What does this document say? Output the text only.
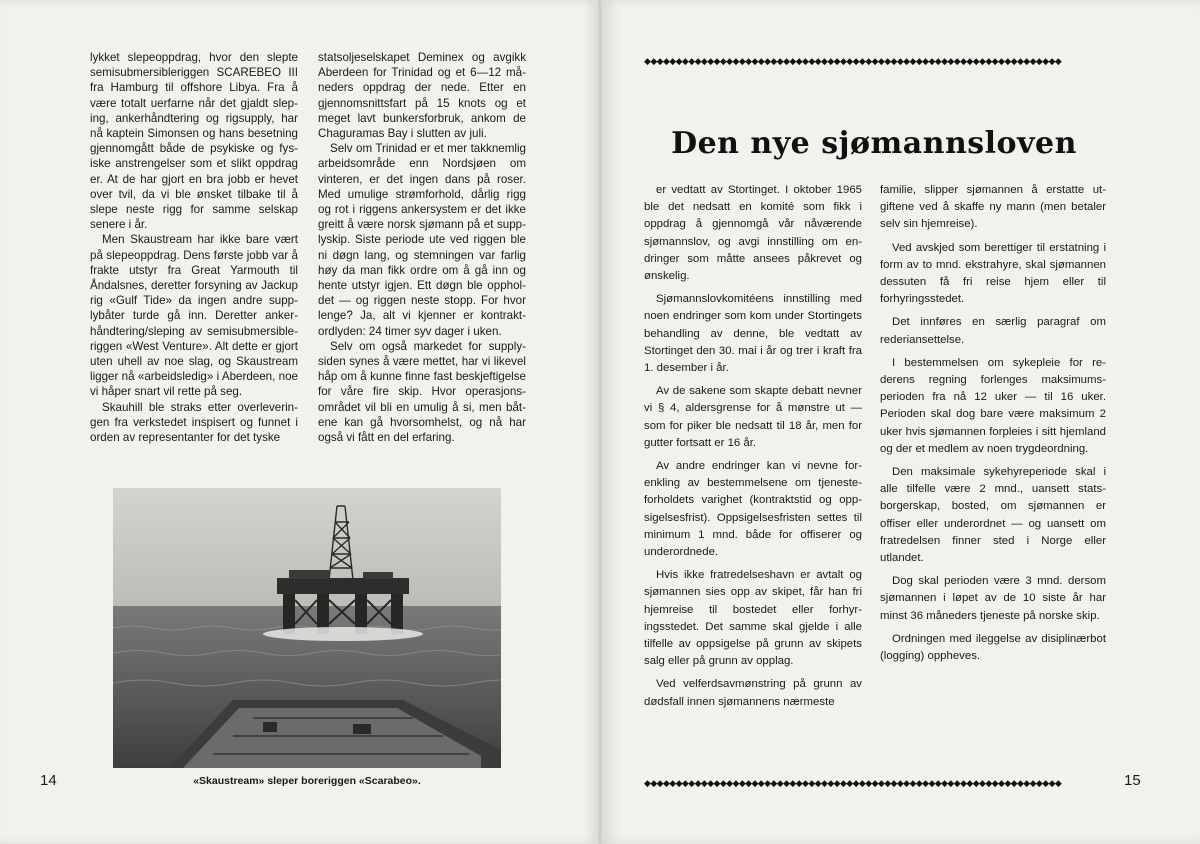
lykket slepeoppdrag, hvor den slepte semisubmersibleriggen SCAREBEO III fra Hamburg til offshore Libya. Fra å være totalt uerfarne når det gjaldt sleping, ankerhåndtering og rigsupply, har nå kaptein Simonsen og hans besetning gjennomgått både de psykiske og fysiske anstrengelser som et slikt oppdrag er. At de har gjort en bra jobb er hevet over tvil, da vi ble ønsket tilbake til å slepe neste rigg for samme selskap senere i år.

Men Skaustream har ikke bare vært på slepeoppdrag. Dens første jobb var å frakte utstyr fra Great Yarmouth til Åndalsnes, deretter forsyning av Jackup rig «Gulf Tide» da ingen andre supplybåter turde gå inn. Deretter ankerhåndtering/sleping av semisubmersibleriggen «West Venture». Alt dette er gjort uten uhell av noe slag, og Skaustream ligger nå «arbeidsledig» i Aberdeen, noe vi håper snart vil rette på seg.

Skauhill ble straks etter overleveringen fra verkstedet inspisert og funnet i orden av representanter for det tyske

statsoljeselskapet Deminex og avgikk Aberdeen for Trinidad og et 6—12 måneders oppdrag der nede. Etter en gjennomsnittsfart på 15 knots og et meget lavt bunkersforbruk, ankom de Chaguramas Bay i slutten av juli.

Selv om Trinidad er et mer takknemlig arbeidsområde enn Nordsjøen om vinteren, er det ingen dans på roser. Med umulige strømforhold, dårlig rigg og rot i riggens ankersystem er det ikke greitt å være norsk sjømann på et supplyskip. Siste periode ute ved riggen ble ni døgn lang, og stemningen var farlig høy da man fikk ordre om å gå inn og hente utstyr igjen. Ett døgn ble oppholdet — og riggen neste stopp. For hvor lenge? Ja, alt vi kjenner er kontraktordlyden: 24 timer syv dager i uken.

Selv om også markedet for supplysiden synes å være mettet, har vi likevel håp om å kunne finne fast beskjeftigelse for våre fire skip. Hvor operasjonsområdet vil bli en umulig å si, men båtene kan gå hvorsomhelst, og nå har også vi fått en del erfaring.

«Skaustream» sleper boreriggen «Scarabeo».
14
◆◆◆◆◆◆◆◆◆◆◆◆◆◆◆◆◆◆◆◆◆◆◆◆◆◆◆◆◆◆◆◆◆◆◆◆◆◆◆◆◆◆◆◆◆◆◆◆◆◆◆◆◆◆◆◆◆◆◆◆◆◆◆◆◆◆
Den nye sjømannsloven

er vedtatt av Stortinget. I oktober 1965 ble det nedsatt en komité som fikk i oppdrag å gjennomgå vår nåværende sjømannslov, og avgi innstilling om endringer som måtte ansees påkrevet og ønskelig.

Sjømannslovkomitéens innstilling med noen endringer som kom under Stortingets behandling av denne, ble vedtatt av Stortinget den 30. mai i år og trer i kraft fra 1. desember i år.

Av de sakene som skapte debatt nevner vi § 4, aldersgrense for å mønstre ut — som for piker ble nedsatt til 18 år, men for gutter fortsatt er 16 år.

Av andre endringer kan vi nevne forenkling av bestemmelsene om tjenesteforholdets varighet (kontraktstid og oppsigelsesfrist). Oppsigelsesfristen settes til minimum 1 mnd. både for offiserer og underordnede.

Hvis ikke fratredelseshavn er avtalt og sjømannen sies opp av skipet, får han fri hjemreise til bostedet eller forhyringsstedet. Det samme skal gjelde i alle tilfelle av oppsigelse på grunn av skipets salg eller på grunn av opplag.

Ved velferdsavmønstring på grunn av dødsfall innen sjømannens nærmeste

familie, slipper sjømannen å erstatte utgiftene ved å skaffe ny mann (men betaler selv sin hjemreise).

Ved avskjed som berettiger til erstatning i form av to mnd. ekstrahyre, skal sjømannen dessuten få fri reise hjem eller til forhyringsstedet.

Det innføres en særlig paragraf om rederiansettelse.

I bestemmelsen om sykepleie for rederens regning forlenges maksimumsperioden fra nå 12 uker — til 16 uker. Perioden skal dog bare være maksimum 2 uker hvis sjømannen forpleies i sitt hjemland og der et medlem av noen trygdeordning.

Den maksimale sykehyreperiode skal i alle tilfelle være 2 mnd., uansett statsborgerskap, bosted, om sjømannen er offiser eller underordnet — og uansett om fratredelsen finner sted i Norge eller utlandet.

Dog skal perioden være 3 mnd. dersom sjømannen i løpet av de 10 siste år har minst 36 måneders tjeneste på norske skip.

Ordningen med ileggelse av disiplinærbot (logging) oppheves.

◆◆◆◆◆◆◆◆◆◆◆◆◆◆◆◆◆◆◆◆◆◆◆◆◆◆◆◆◆◆◆◆◆◆◆◆◆◆◆◆◆◆◆◆◆◆◆◆◆◆◆◆◆◆◆◆◆◆◆◆◆◆◆◆◆◆	15
